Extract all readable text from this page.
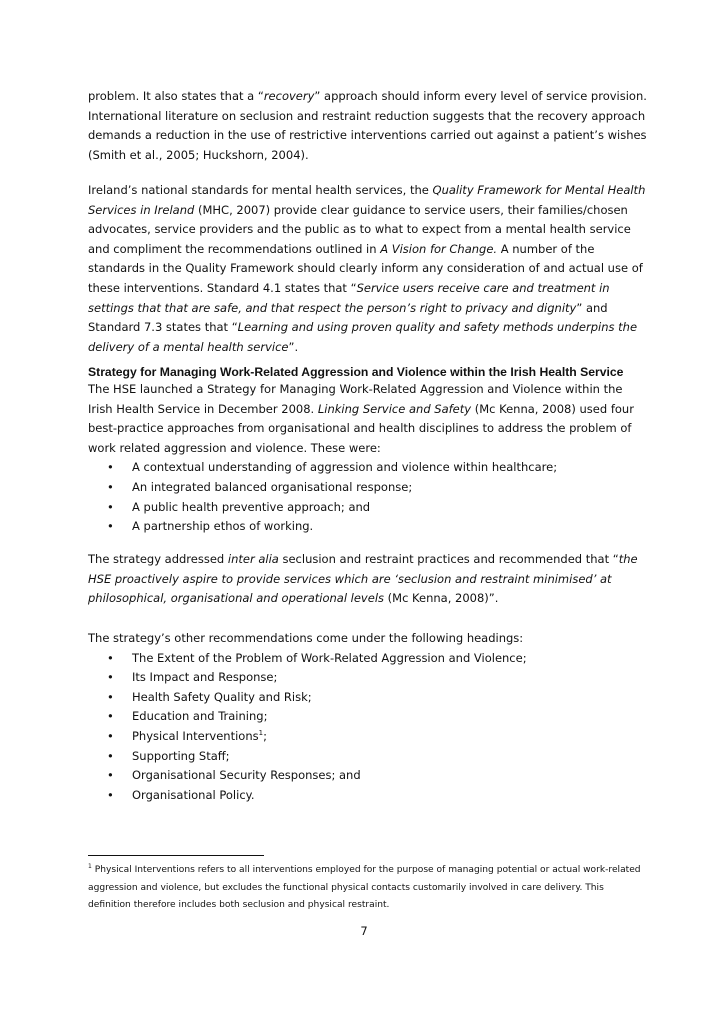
problem. It also states that a “recovery” approach should inform every level of service provision. International literature on seclusion and restraint reduction suggests that the recovery approach demands a reduction in the use of restrictive interventions carried out against a patient’s wishes (Smith et al., 2005; Huckshorn, 2004).

Ireland’s national standards for mental health services, the Quality Framework for Mental Health Services in Ireland (MHC, 2007) provide clear guidance to service users, their families/chosen advocates, service providers and the public as to what to expect from a mental health service and compliment the recommendations outlined in A Vision for Change. A number of the standards in the Quality Framework should clearly inform any consideration of and actual use of these interventions. Standard 4.1 states that “Service users receive care and treatment in settings that that are safe, and that respect the person’s right to privacy and dignity” and Standard 7.3 states that “Learning and using proven quality and safety methods underpins the delivery of a mental health service”.

Strategy for Managing Work-Related Aggression and Violence within the Irish Health Service

The HSE launched a Strategy for Managing Work-Related Aggression and Violence within the Irish Health Service in December 2008. Linking Service and Safety (Mc Kenna, 2008) used four best-practice approaches from organisational and health disciplines to address the problem of work related aggression and violence. These were:

• A contextual understanding of aggression and violence within healthcare;
• An integrated balanced organisational response;
• A public health preventive approach; and
• A partnership ethos of working.

The strategy addressed inter alia seclusion and restraint practices and recommended that “the HSE proactively aspire to provide services which are ‘seclusion and restraint minimised’ at philosophical, organisational and operational levels (Mc Kenna, 2008)”.

The strategy’s other recommendations come under the following headings:

• The Extent of the Problem of Work-Related Aggression and Violence;
• Its Impact and Response;
• Health Safety Quality and Risk;
• Education and Training;
• Physical Interventions$^1$;
• Supporting Staff;
• Organisational Security Responses; and
• Organisational Policy.

$^1$ Physical Interventions refers to all interventions employed for the purpose of managing potential or actual work-related aggression and violence, but excludes the functional physical contacts customarily involved in care delivery. This definition therefore includes both seclusion and physical restraint.

7
